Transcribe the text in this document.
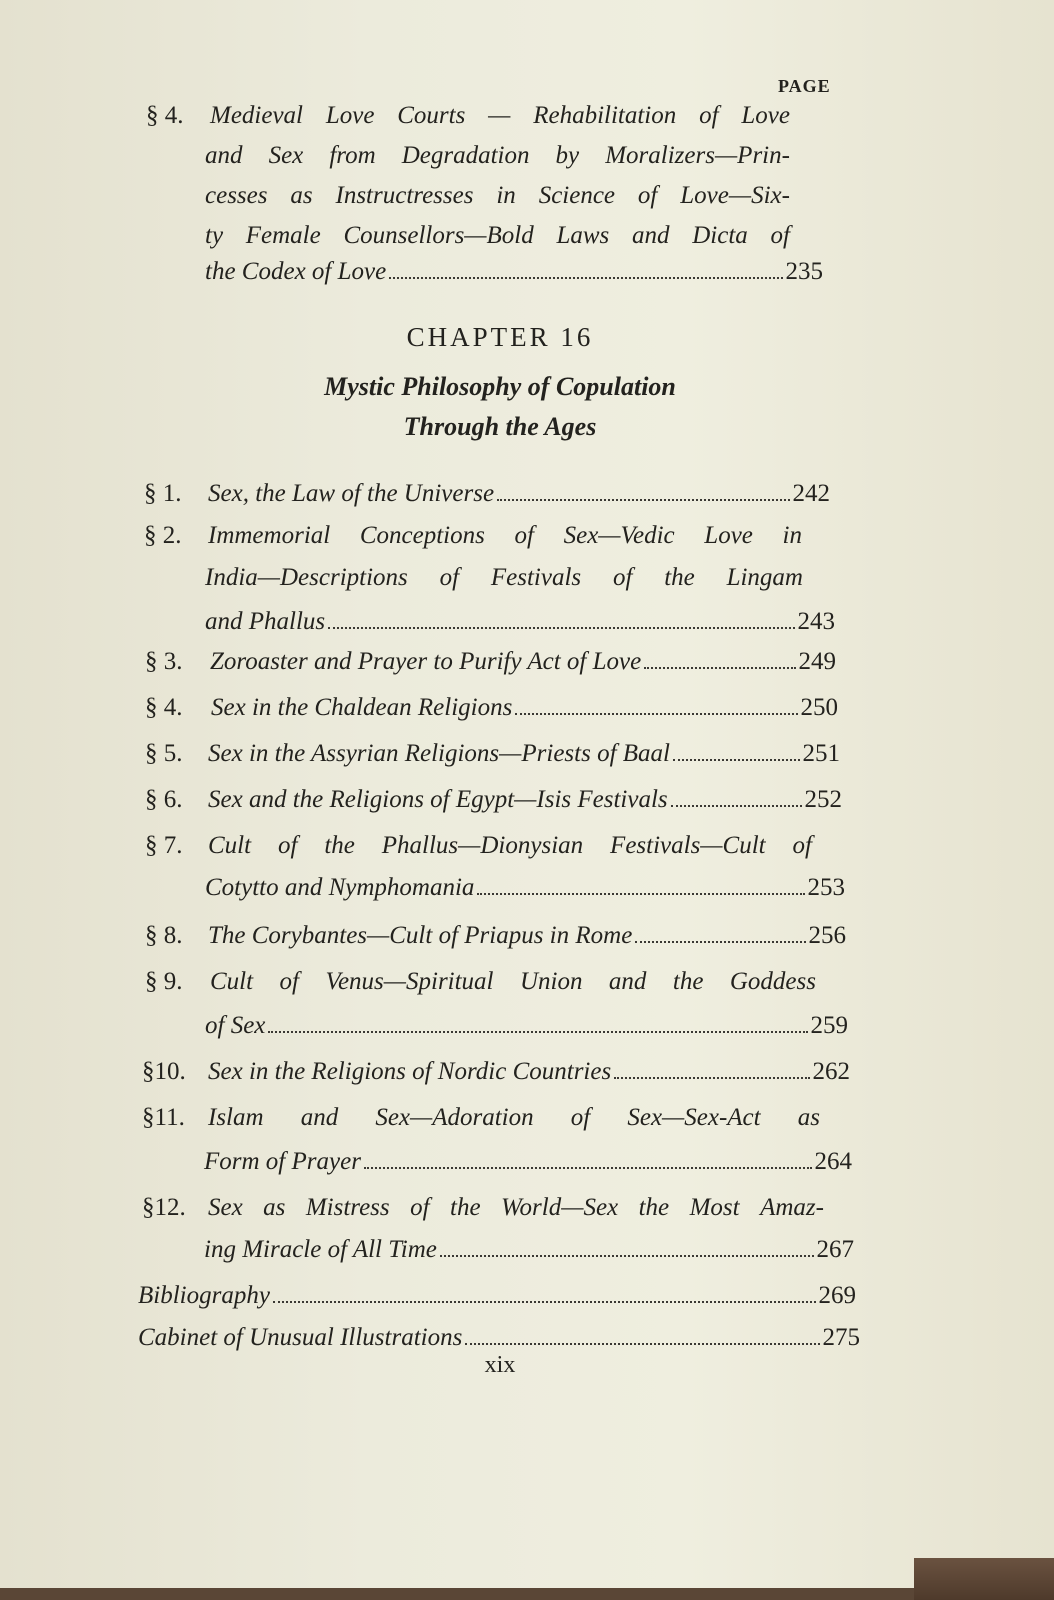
PAGE
§ 4. Medieval Love Courts — Rehabilitation of Love
and Sex from Degradation by Moralizers—Prin-
cesses as Instructresses in Science of Love—Six-
ty Female Counsellors—Bold Laws and Dicta of
the Codex of Love	235
CHAPTER 16
Mystic Philosophy of Copulation
Through the Ages
§ 1. Sex, the Law of the Universe	242
§ 2. Immemorial Conceptions of Sex—Vedic Love in
India—Descriptions of Festivals of the Lingam
and Phallus	243
§ 3. Zoroaster and Prayer to Purify Act of Love	249
§ 4. Sex in the Chaldean Religions	250
§ 5. Sex in the Assyrian Religions—Priests of Baal	251
§ 6. Sex and the Religions of Egypt—Isis Festivals	252
§ 7. Cult of the Phallus—Dionysian Festivals—Cult of
Cotytto and Nymphomania	253
§ 8. The Corybantes—Cult of Priapus in Rome	256
§ 9. Cult of Venus—Spiritual Union and the Goddess
of Sex	259
§10. Sex in the Religions of Nordic Countries	262
§11. Islam and Sex—Adoration of Sex—Sex-Act as
Form of Prayer	264
§12. Sex as Mistress of the World—Sex the Most Amaz-
ing Miracle of All Time	267
Bibliography	269
Cabinet of Unusual Illustrations	275
xix
